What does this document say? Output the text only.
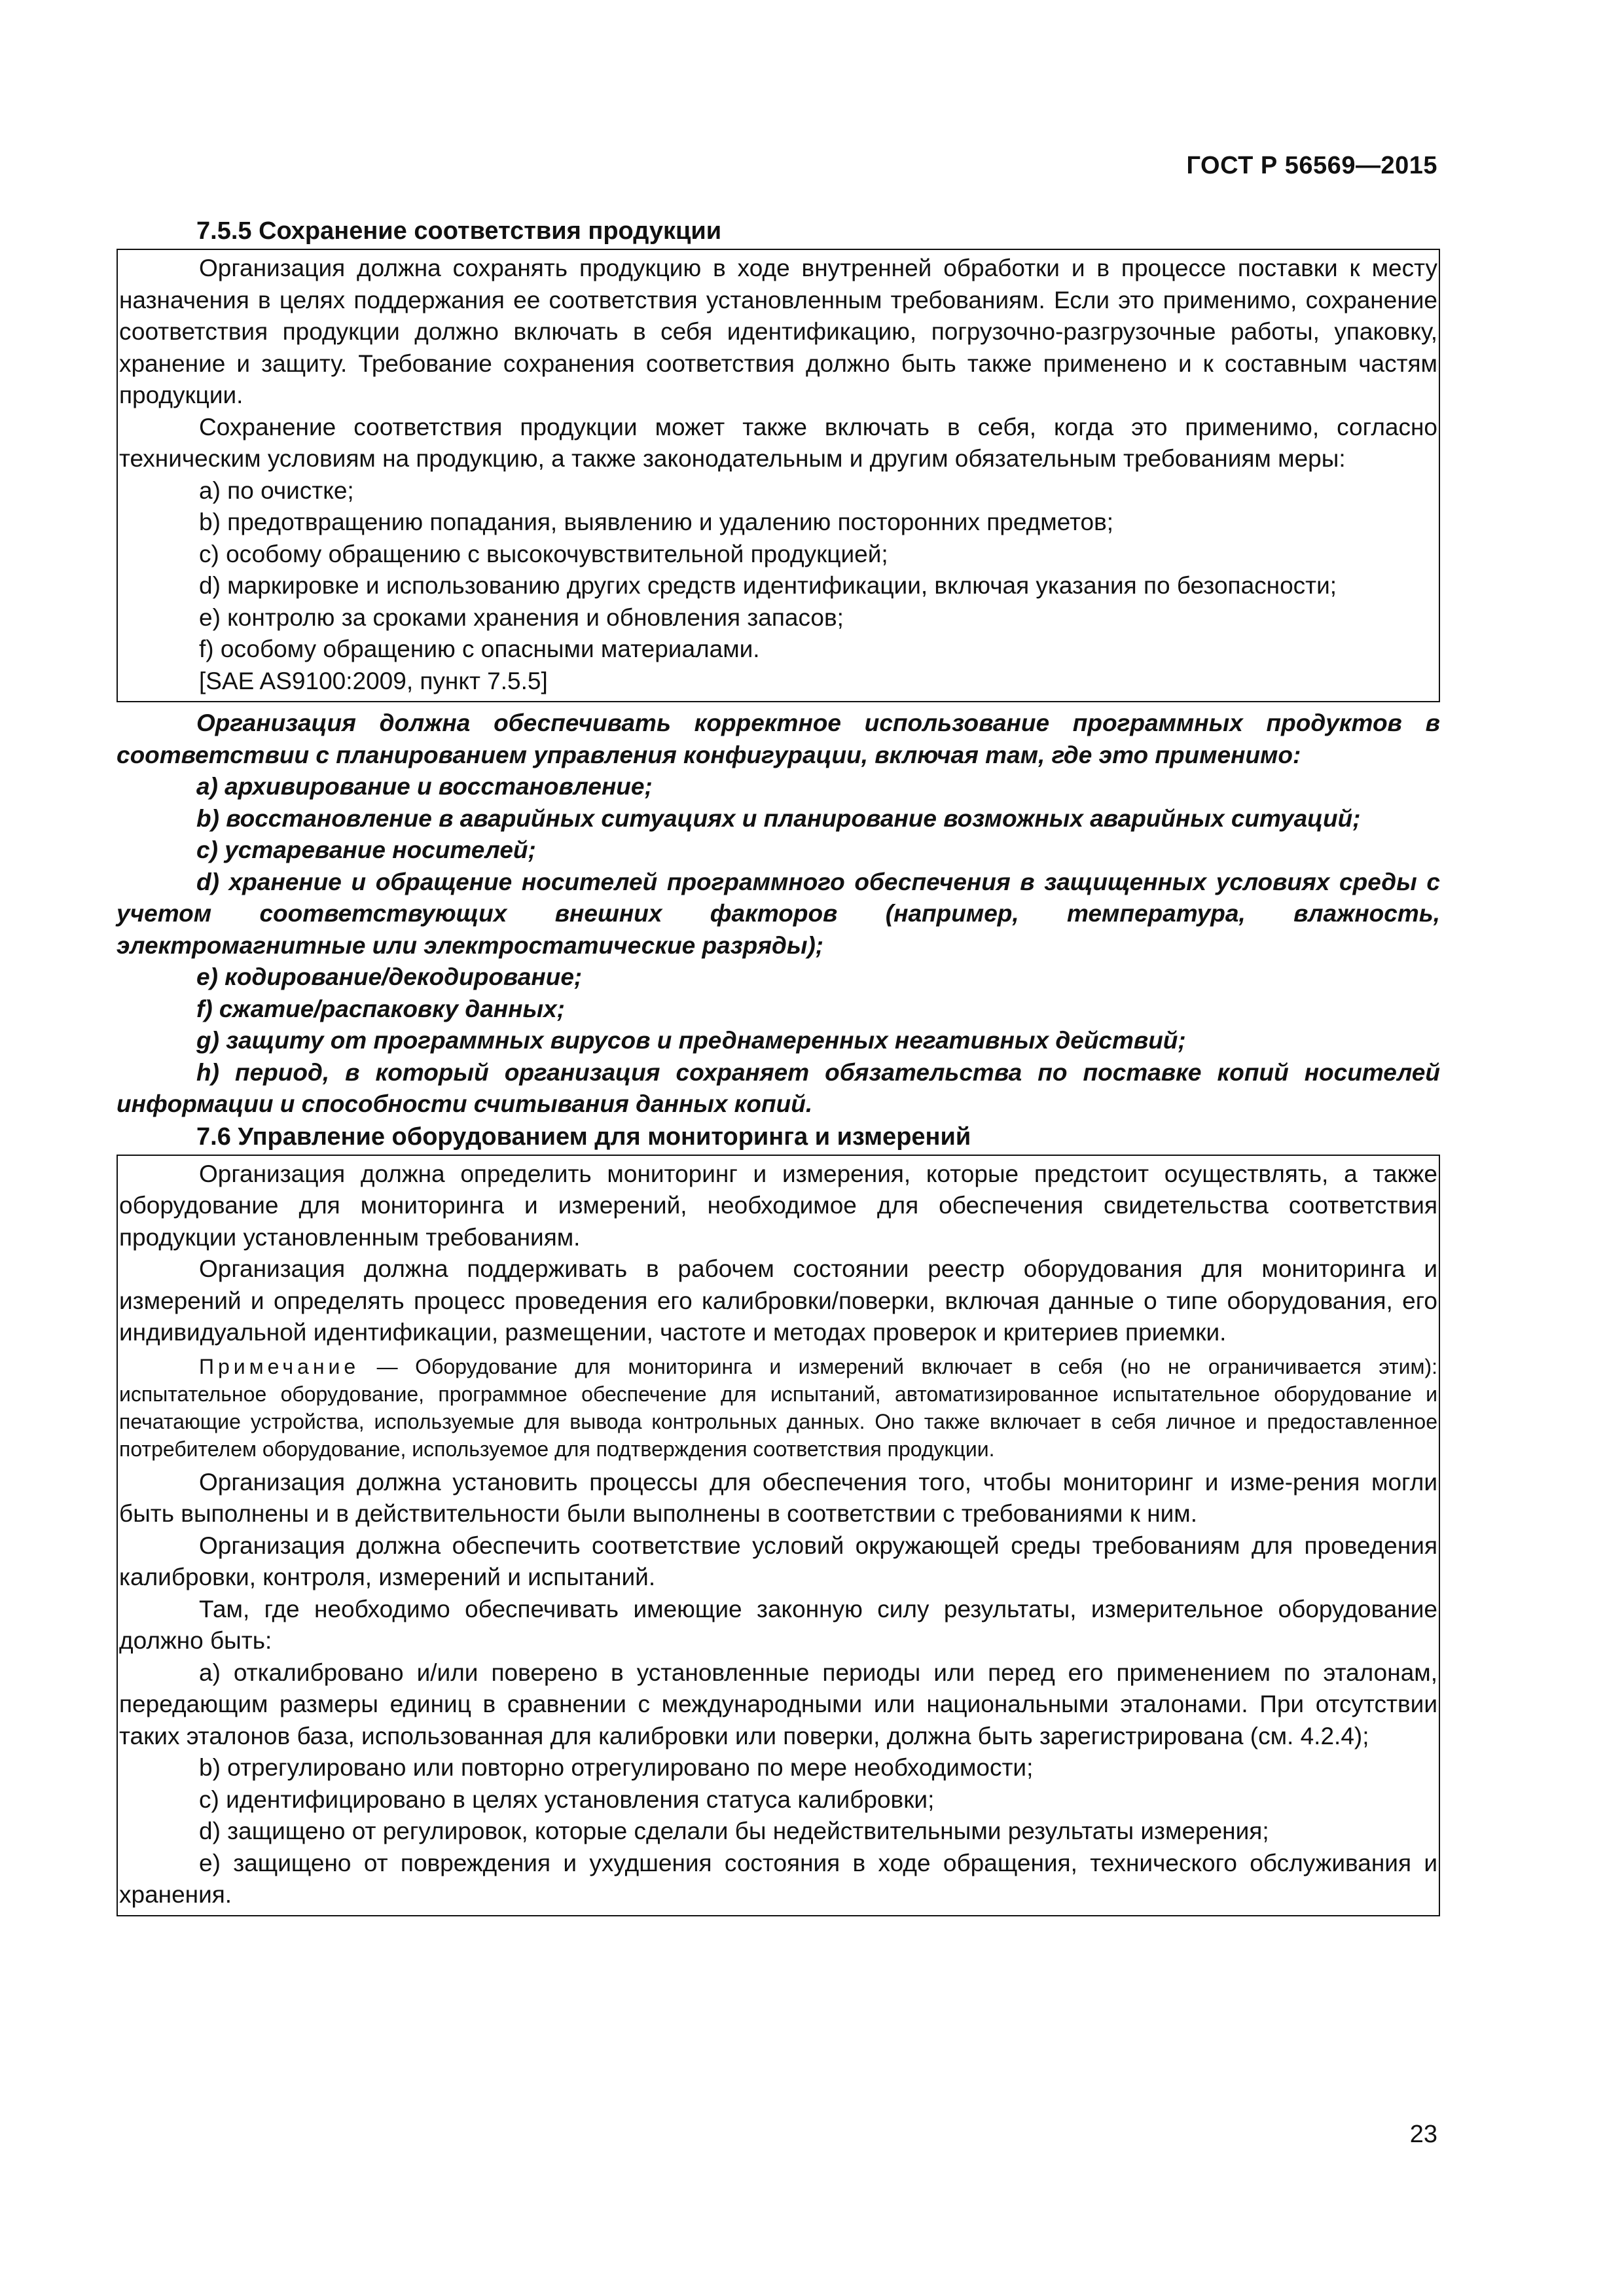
ГОСТ Р 56569—2015

7.5.5 Сохранение соответствия продукции

Организация должна сохранять продукцию в ходе внутренней обработки и в процессе поставки к месту назначения в целях поддержания ее соответствия установленным требованиям. Если это применимо, сохранение соответствия продукции должно включать в себя идентификацию, погрузочно-разгрузочные работы, упаковку, хранение и защиту. Требование сохранения соответствия должно быть также применено и к составным частям продукции.

Сохранение соответствия продукции может также включать в себя, когда это применимо, согласно техническим условиям на продукцию, а также законодательным и другим обязательным требованиям меры:

a) по очистке;

b) предотвращению попадания, выявлению и удалению посторонних предметов;

c) особому обращению с высокочувствительной продукцией;

d) маркировке и использованию других средств идентификации, включая указания по безопасности;

e) контролю за сроками хранения и обновления запасов;

f) особому обращению с опасными материалами.

[SAE AS9100:2009, пункт 7.5.5]

Организация должна обеспечивать корректное использование программных продуктов в соответствии с планированием управления конфигурации, включая там, где это применимо:

a) архивирование и восстановление;

b) восстановление в аварийных ситуациях и планирование возможных аварийных ситуаций;

c) устаревание носителей;

d) хранение и обращение носителей программного обеспечения в защищенных условиях среды с учетом соответствующих внешних факторов (например, температура, влажность, электромагнитные или электростатические разряды);

e) кодирование/декодирование;

f) сжатие/распаковку данных;

g) защиту от программных вирусов и преднамеренных негативных действий;

h) период, в который организация сохраняет обязательства по поставке копий носителей информации и способности считывания данных копий.

7.6 Управление оборудованием для мониторинга и измерений

Организация должна определить мониторинг и измерения, которые предстоит осуществлять, а также оборудование для мониторинга и измерений, необходимое для обеспечения свидетельства соответствия продукции установленным требованиям.

Организация должна поддерживать в рабочем состоянии реестр оборудования для мониторинга и измерений и определять процесс проведения его калибровки/поверки, включая данные о типе оборудования, его индивидуальной идентификации, размещении, частоте и методах проверок и критериев приемки.

Примечание — Оборудование для мониторинга и измерений включает в себя (но не ограничивается этим): испытательное оборудование, программное обеспечение для испытаний, автоматизированное испытательное оборудование и печатающие устройства, используемые для вывода контрольных данных. Оно также включает в себя личное и предоставленное потребителем оборудование, используемое для подтверждения соответствия продукции.

Организация должна установить процессы для обеспечения того, чтобы мониторинг и изме-рения могли быть выполнены и в действительности были выполнены в соответствии с требованиями к ним.

Организация должна обеспечить соответствие условий окружающей среды требованиям для проведения калибровки, контроля, измерений и испытаний.

Там, где необходимо обеспечивать имеющие законную силу результаты, измерительное оборудование должно быть:

a) откалибровано и/или поверено в установленные периоды или перед его применением по эталонам, передающим размеры единиц в сравнении с международными или национальными эталонами. При отсутствии таких эталонов база, использованная для калибровки или поверки, должна быть зарегистрирована (см. 4.2.4);

b) отрегулировано или повторно отрегулировано по мере необходимости;

c) идентифицировано в целях установления статуса калибровки;

d) защищено от регулировок, которые сделали бы недействительными результаты измерения;

e) защищено от повреждения и ухудшения состояния в ходе обращения, технического обслуживания и хранения.

23
